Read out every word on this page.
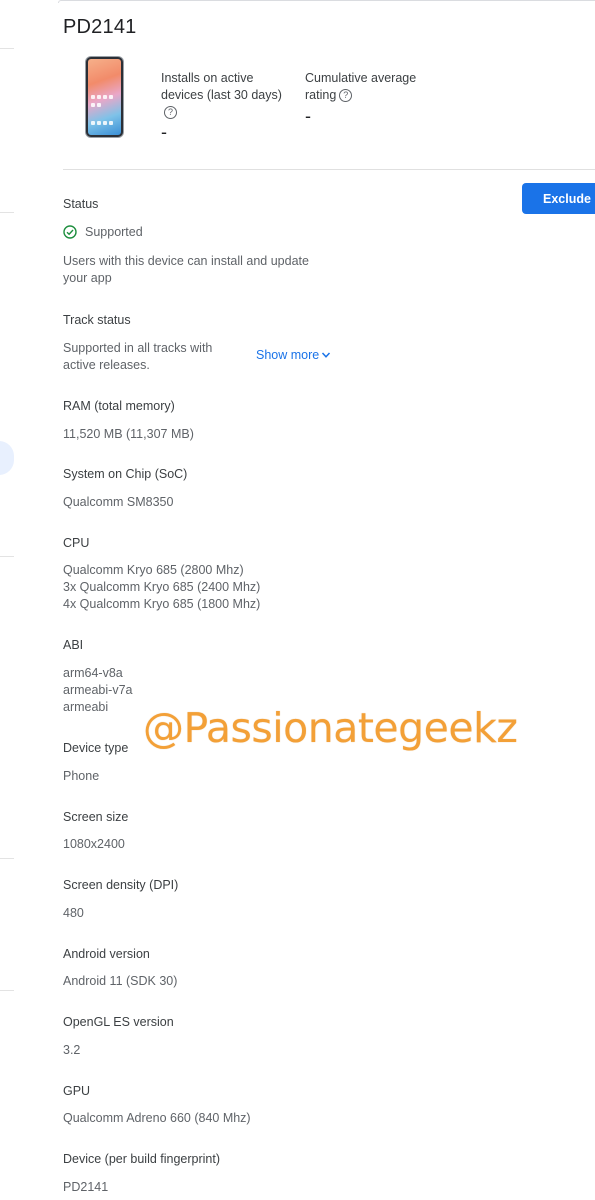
PD2141
Installs on active devices (last 30 days)
?
-
Cumulative average rating ?
-
Exclude
Status
Supported
Users with this device can install and update your app
Track status
Supported in all tracks with active releases.
Show more
RAM (total memory)
11,520 MB (11,307 MB)
System on Chip (SoC)
Qualcomm SM8350
CPU
Qualcomm Kryo 685 (2800 Mhz)
3x Qualcomm Kryo 685 (2400 Mhz)
4x Qualcomm Kryo 685 (1800 Mhz)
ABI
arm64-v8a
armeabi-v7a
armeabi
Device type
Phone
Screen size
1080x2400
Screen density (DPI)
480
Android version
Android 11 (SDK 30)
OpenGL ES version
3.2
GPU
Qualcomm Adreno 660 (840 Mhz)
Device (per build fingerprint)
PD2141
@Passionategeekz
